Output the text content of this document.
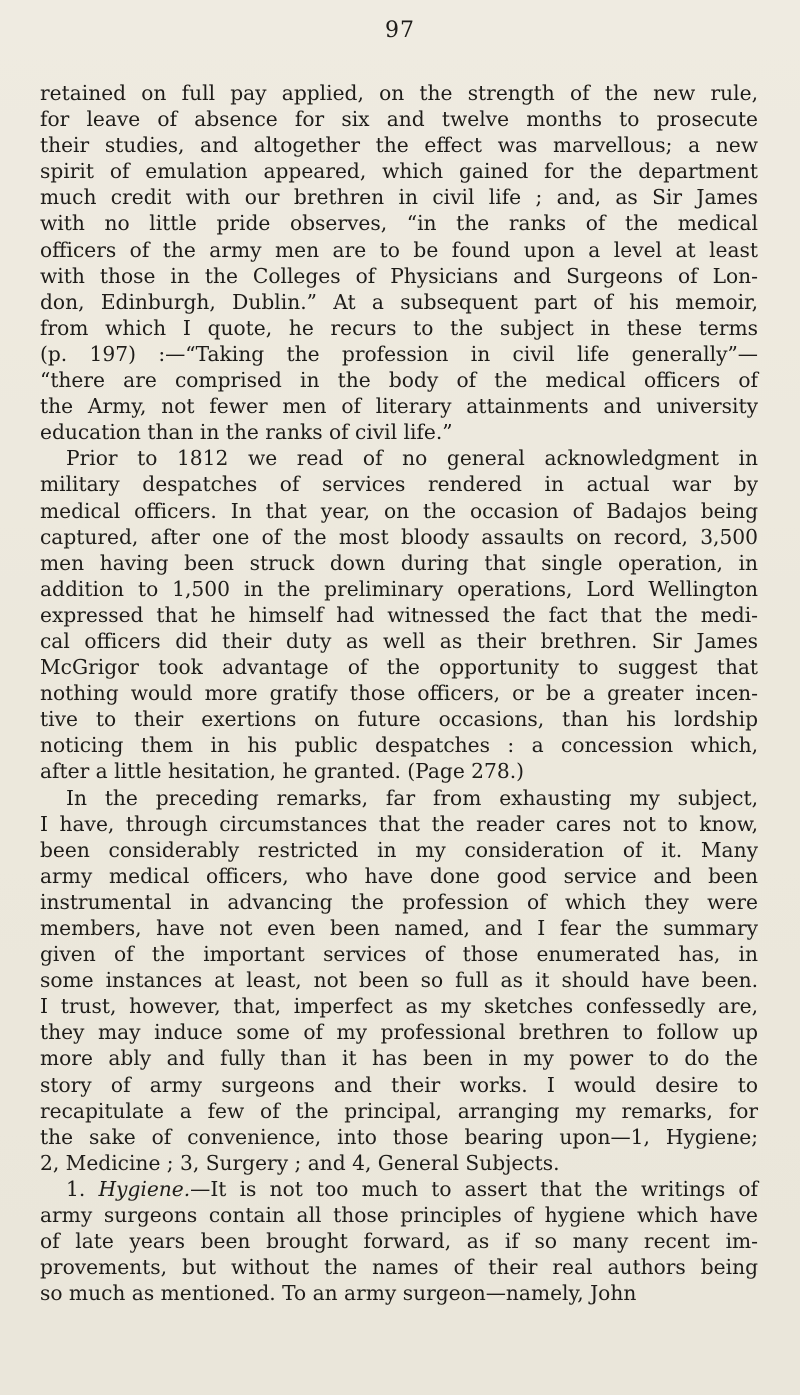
97

retained on full pay applied, on the strength of the new rule,

for leave of absence for six and twelve months to prosecute

their studies, and altogether the effect was marvellous; a new

spirit of emulation appeared, which gained for the department

much credit with our brethren in civil life ; and, as Sir James

with no little pride observes, “in the ranks of the medical

officers of the army men are to be found upon a level at least

with those in the Colleges of Physicians and Surgeons of Lon-

don, Edinburgh, Dublin.” At a subsequent part of his memoir,

from which I quote, he recurs to the subject in these terms

(p. 197) :—“Taking the profession in civil life generally”—

“there are comprised in the body of the medical officers of

the Army, not fewer men of literary attainments and university

education than in the ranks of civil life.”

Prior to 1812 we read of no general acknowledgment in

military despatches of services rendered in actual war by

medical officers. In that year, on the occasion of Badajos being

captured, after one of the most bloody assaults on record, 3,500

men having been struck down during that single operation, in

addition to 1,500 in the preliminary operations, Lord Wellington

expressed that he himself had witnessed the fact that the medi-

cal officers did their duty as well as their brethren. Sir James

McGrigor took advantage of the opportunity to suggest that

nothing would more gratify those officers, or be a greater incen-

tive to their exertions on future occasions, than his lordship

noticing them in his public despatches : a concession which,

after a little hesitation, he granted. (Page 278.)

In the preceding remarks, far from exhausting my subject,

I have, through circumstances that the reader cares not to know,

been considerably restricted in my consideration of it. Many

army medical officers, who have done good service and been

instrumental in advancing the profession of which they were

members, have not even been named, and I fear the summary

given of the important services of those enumerated has, in

some instances at least, not been so full as it should have been.

I trust, however, that, imperfect as my sketches confessedly are,

they may induce some of my professional brethren to follow up

more ably and fully than it has been in my power to do the

story of army surgeons and their works. I would desire to

recapitulate a few of the principal, arranging my remarks, for

the sake of convenience, into those bearing upon—1, Hygiene;

2, Medicine ; 3, Surgery ; and 4, General Subjects.

1. Hygiene.—It is not too much to assert that the writings of

army surgeons contain all those principles of hygiene which have

of late years been brought forward, as if so many recent im-

provements, but without the names of their real authors being

so much as mentioned. To an army surgeon—namely, John
